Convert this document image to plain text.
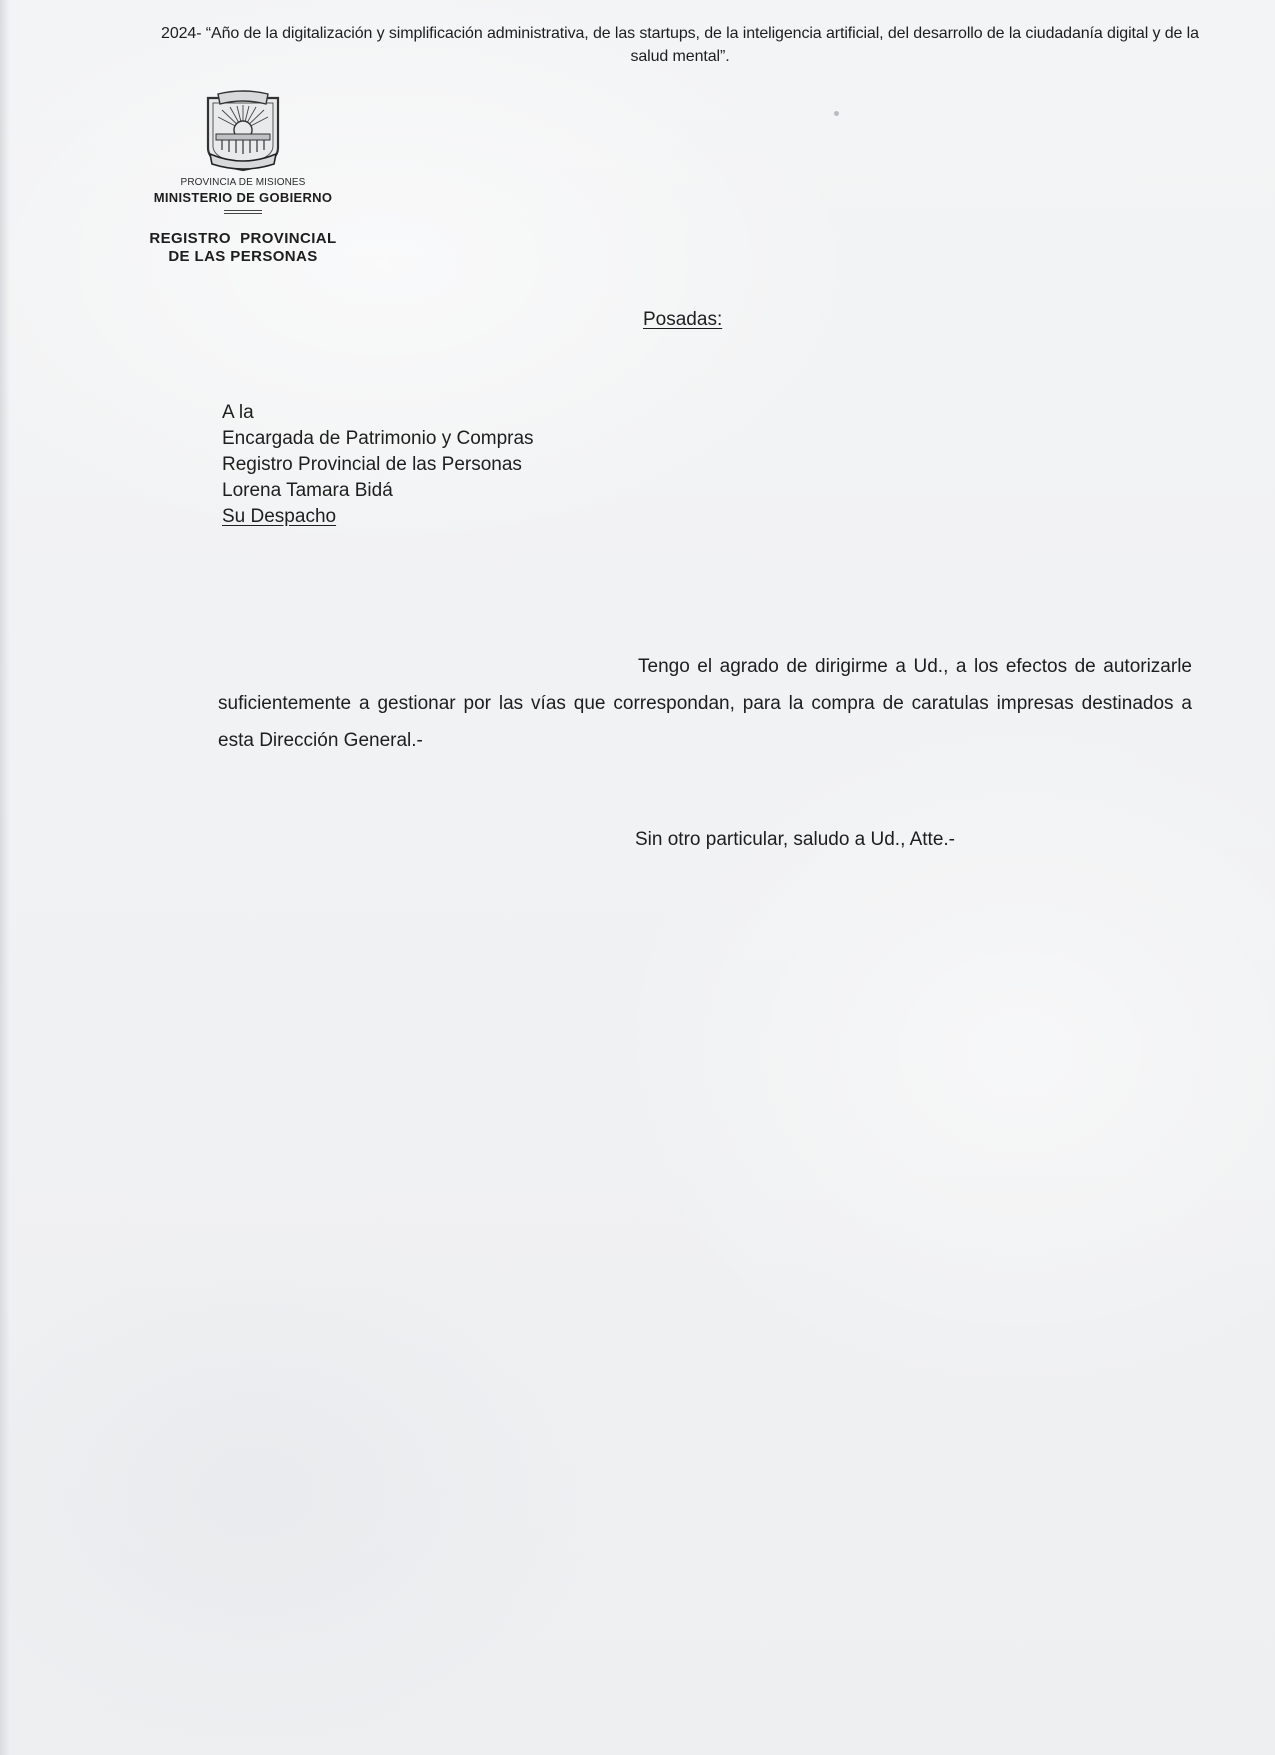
2024- “Año de la digitalización y simplificación administrativa, de las startups, de la inteligencia artificial, del desarrollo de la ciudadanía digital y de la salud mental”.
PROVINCIA DE MISIONES
MINISTERIO DE GOBIERNO
REGISTRO  PROVINCIAL
DE LAS PERSONAS
Posadas:
A la
Encargada de Patrimonio y Compras
Registro Provincial de las Personas
Lorena Tamara Bidá
Su Despacho
Tengo el agrado de dirigirme a Ud., a los efectos de autorizarle suficientemente a gestionar por las vías que correspondan, para la compra de caratulas impresas destinados a esta Dirección General.-
Sin otro particular, saludo a Ud., Atte.-
